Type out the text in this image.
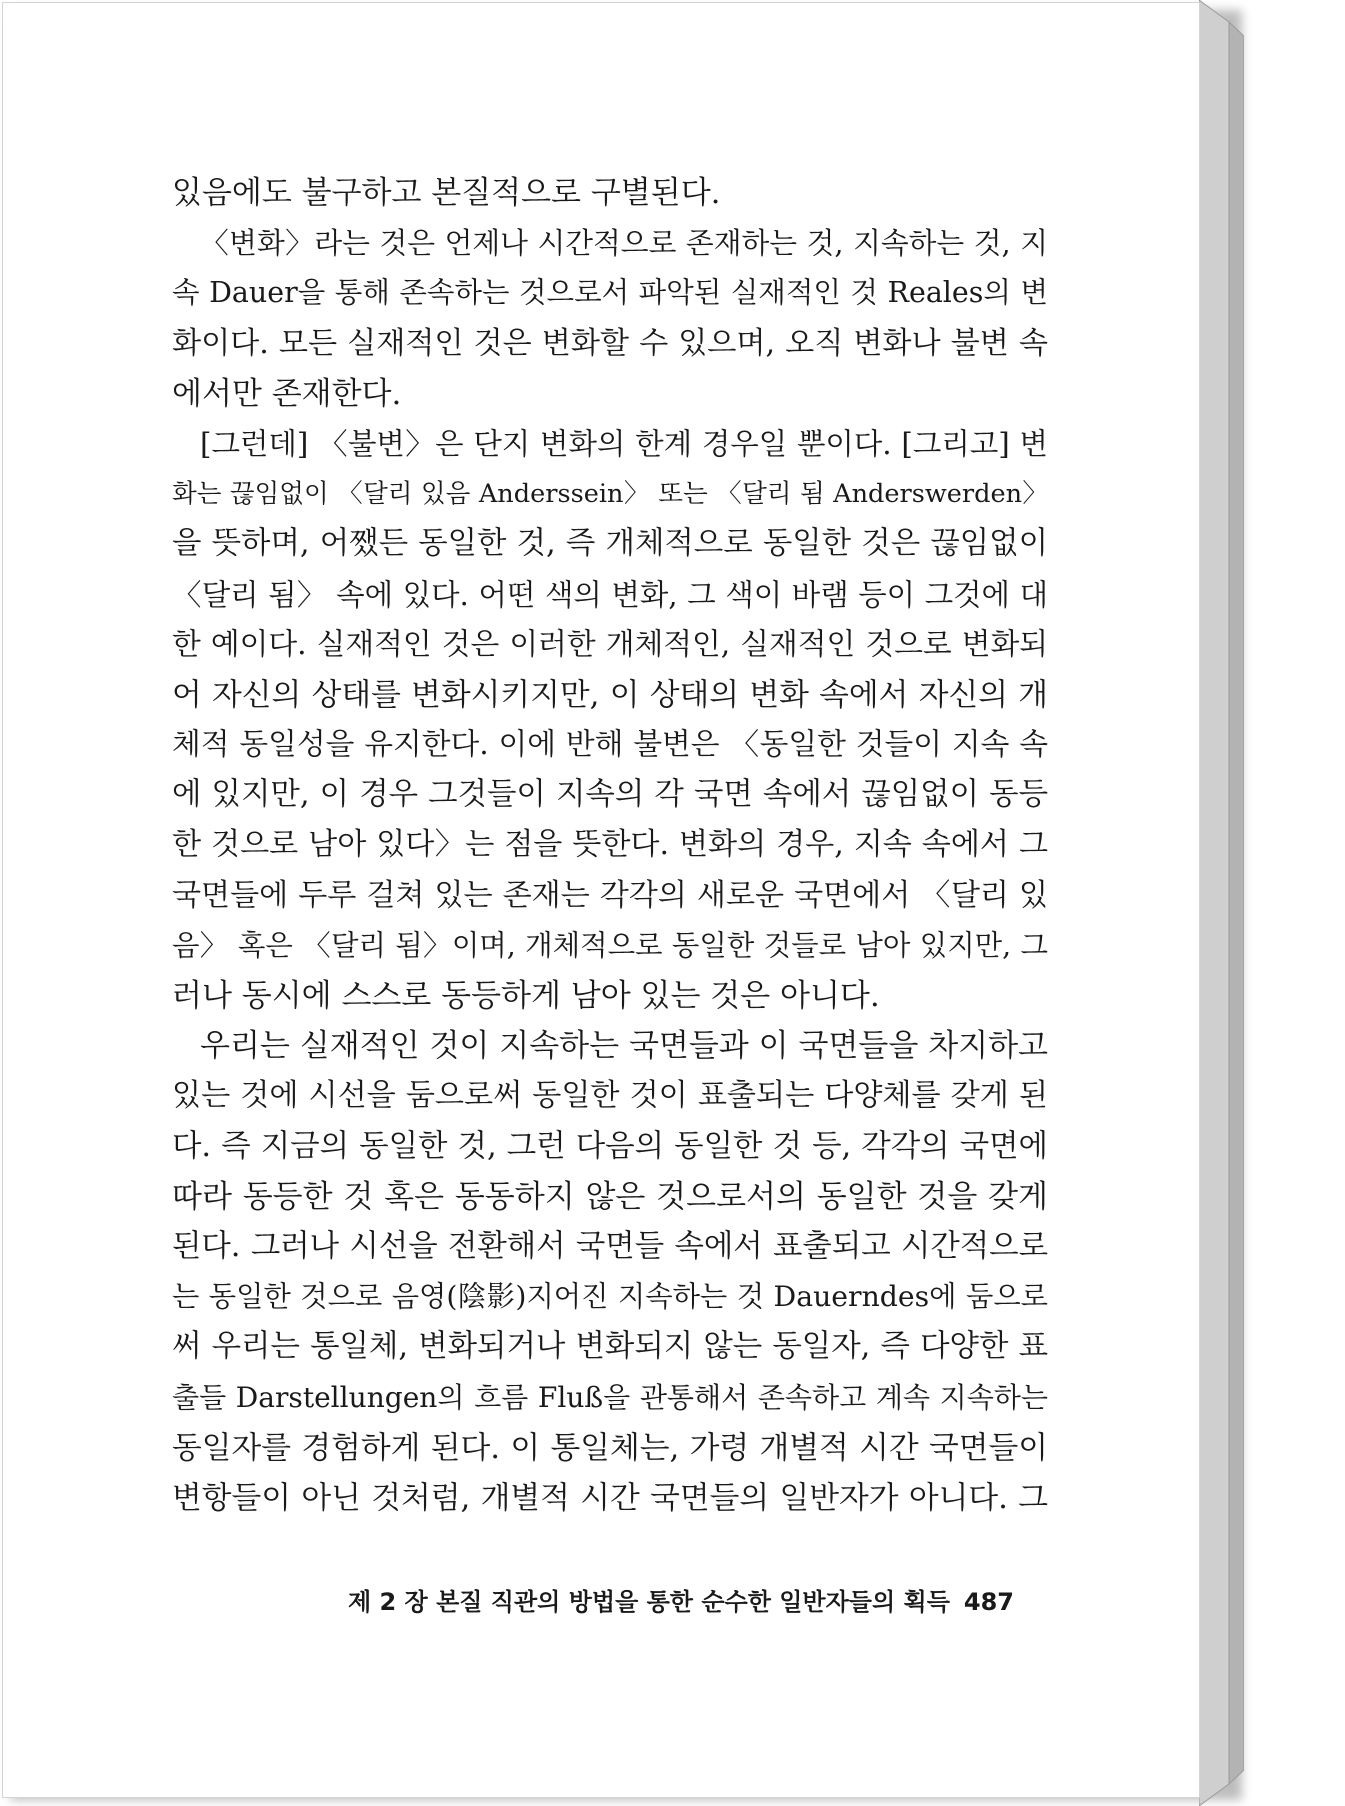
있음에도 불구하고 본질적으로 구별된다.
〈변화〉라는 것은 언제나 시간적으로 존재하는 것, 지속하는 것, 지
속 Dauer을 통해 존속하는 것으로서 파악된 실재적인 것 Reales의 변
화이다. 모든 실재적인 것은 변화할 수 있으며, 오직 변화나 불변 속
에서만 존재한다.
[그런데] 〈불변〉은 단지 변화의 한계 경우일 뿐이다. [그리고] 변
화는 끊임없이 〈달리 있음 Anderssein〉 또는 〈달리 됨 Anderswerden〉
을 뜻하며, 어쨌든 동일한 것, 즉 개체적으로 동일한 것은 끊임없이
〈달리 됨〉 속에 있다. 어떤 색의 변화, 그 색이 바램 등이 그것에 대
한 예이다. 실재적인 것은 이러한 개체적인, 실재적인 것으로 변화되
어 자신의 상태를 변화시키지만, 이 상태의 변화 속에서 자신의 개
체적 동일성을 유지한다. 이에 반해 불변은 〈동일한 것들이 지속 속
에 있지만, 이 경우 그것들이 지속의 각 국면 속에서 끊임없이 동등
한 것으로 남아 있다〉는 점을 뜻한다. 변화의 경우, 지속 속에서 그
국면들에 두루 걸쳐 있는 존재는 각각의 새로운 국면에서 〈달리 있
음〉 혹은 〈달리 됨〉이며, 개체적으로 동일한 것들로 남아 있지만, 그
러나 동시에 스스로 동등하게 남아 있는 것은 아니다.
우리는 실재적인 것이 지속하는 국면들과 이 국면들을 차지하고
있는 것에 시선을 둠으로써 동일한 것이 표출되는 다양체를 갖게 된
다. 즉 지금의 동일한 것, 그런 다음의 동일한 것 등, 각각의 국면에
따라 동등한 것 혹은 동동하지 않은 것으로서의 동일한 것을 갖게
된다. 그러나 시선을 전환해서 국면들 속에서 표출되고 시간적으로
는 동일한 것으로 음영(陰影)지어진 지속하는 것 Dauerndes에 둠으로
써 우리는 통일체, 변화되거나 변화되지 않는 동일자, 즉 다양한 표
출들 Darstellungen의 흐름 Fluß을 관통해서 존속하고 계속 지속하는
동일자를 경험하게 된다. 이 통일체는, 가령 개별적 시간 국면들이
변항들이 아닌 것처럼, 개별적 시간 국면들의 일반자가 아니다. 그
제 2 장 본질 직관의 방법을 통한 순수한 일반자들의 획득 487
